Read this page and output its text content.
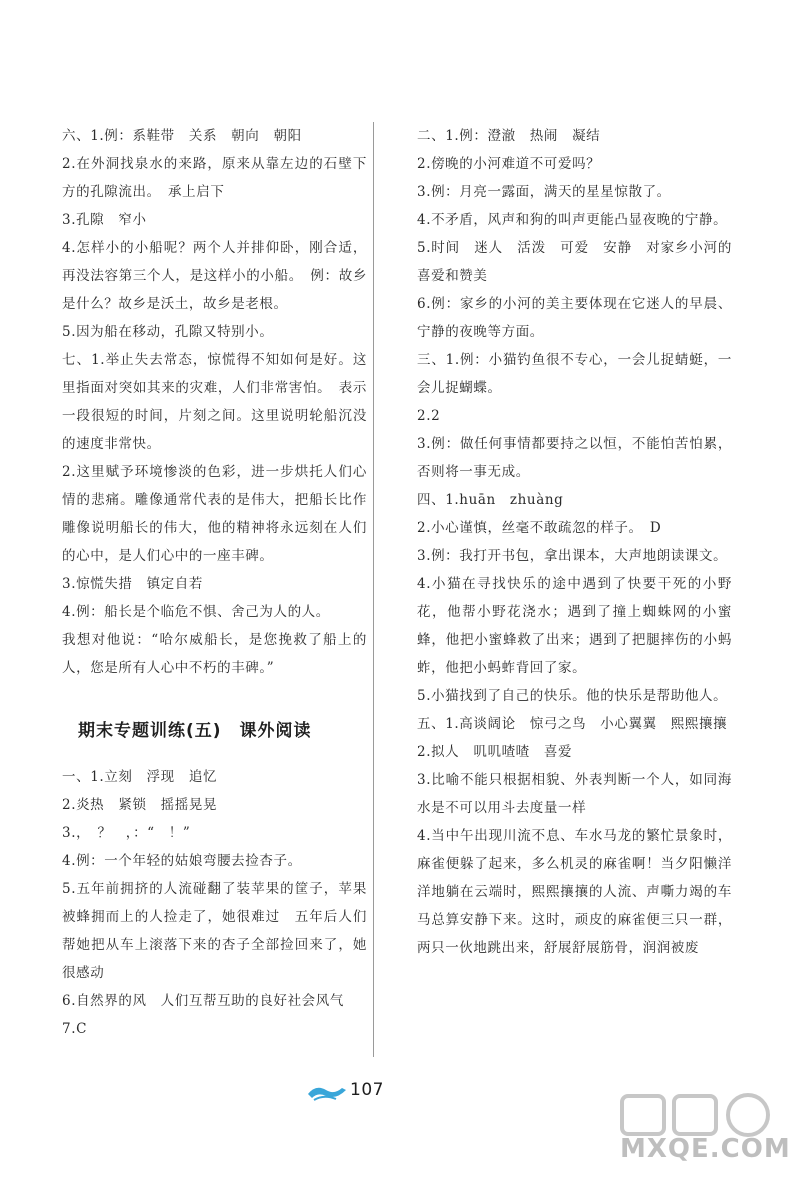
六、1.例：系鞋带　关系　朝向　朝阳

2.在外洞找泉水的来路，原来从靠左边的石壁下方的孔隙流出。　承上启下

3.孔隙　窄小

4.怎样小的小船呢？两个人并排仰卧，刚合适，再没法容第三个人，是这样小的小船。　例：故乡是什么？故乡是沃土，故乡是老根。

5.因为船在移动，孔隙又特别小。

七、1.举止失去常态，惊慌得不知如何是好。这里指面对突如其来的灾难，人们非常害怕。　表示一段很短的时间，片刻之间。这里说明轮船沉没的速度非常快。

2.这里赋予环境惨淡的色彩，进一步烘托人们心情的悲痛。雕像通常代表的是伟大，把船长比作雕像说明船长的伟大，他的精神将永远刻在人们的心中，是人们心中的一座丰碑。

3.惊慌失措　镇定自若

4.例：船长是个临危不惧、舍己为人的人。

我想对他说：“哈尔威船长，是您挽救了船上的人，您是所有人心中不朽的丰碑。”

期末专题训练(五)　课外阅读

一、1.立刻　浮现　追忆

2.炎热　紧锁　摇摇晃晃

3.，　？　，：“　！”

4.例：一个年轻的姑娘弯腰去捡杏子。

5.五年前拥挤的人流碰翻了装苹果的筐子，苹果被蜂拥而上的人捡走了，她很难过　五年后人们帮她把从车上滚落下来的杏子全部捡回来了，她很感动

6.自然界的风　人们互帮互助的良好社会风气

7.C

二、1.例：澄澈　热闹　凝结

2.傍晚的小河难道不可爱吗？

3.例：月亮一露面，满天的星星惊散了。

4.不矛盾，风声和狗的叫声更能凸显夜晚的宁静。

5.时间　迷人　活泼　可爱　安静　对家乡小河的喜爱和赞美

6.例：家乡的小河的美主要体现在它迷人的早晨、宁静的夜晚等方面。

三、1.例：小猫钓鱼很不专心，一会儿捉蜻蜓，一会儿捉蝴蝶。

2.2

3.例：做任何事情都要持之以恒，不能怕苦怕累，否则将一事无成。

四、1.huān　zhuàng

2.小心谨慎，丝毫不敢疏忽的样子。　D

3.例：我打开书包，拿出课本，大声地朗读课文。

4.小猫在寻找快乐的途中遇到了快要干死的小野花，他帮小野花浇水；遇到了撞上蜘蛛网的小蜜蜂，他把小蜜蜂救了出来；遇到了把腿摔伤的小蚂蚱，他把小蚂蚱背回了家。

5.小猫找到了自己的快乐。他的快乐是帮助他人。

五、1.高谈阔论　惊弓之鸟　小心翼翼　熙熙攘攘

2.拟人　叽叽喳喳　喜爱

3.比喻不能只根据相貌、外表判断一个人，如同海水是不可以用斗去度量一样

4.当中午出现川流不息、车水马龙的繁忙景象时，麻雀便躲了起来，多么机灵的麻雀啊！当夕阳懒洋洋地躺在云端时，熙熙攘攘的人流、声嘶力竭的车马总算安静下来。这时，顽皮的麻雀便三只一群，两只一伙地跳出来，舒展舒展筋骨，润润被废

107
MXQE.COM
